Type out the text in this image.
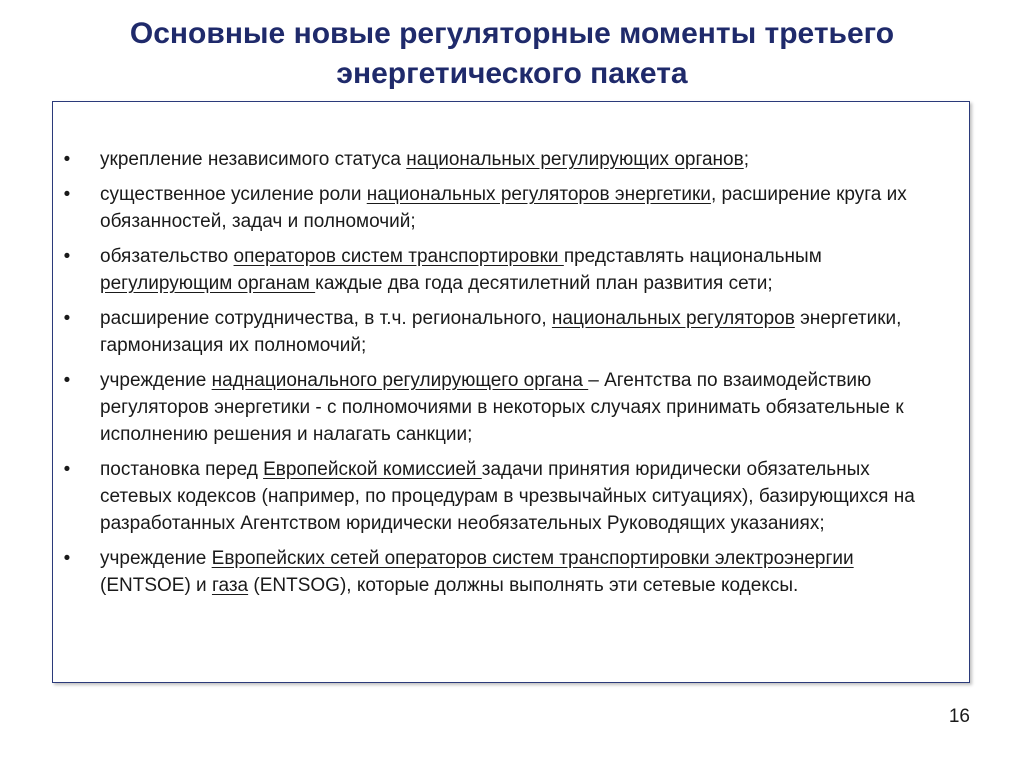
Основные новые регуляторные моменты третьего
энергетического пакета
• укрепление независимого статуса национальных регулирующих органов;
• существенное усиление роли национальных регуляторов энергетики, расширение круга их обязанностей, задач и полномочий;
• обязательство операторов систем транспортировки представлять национальным регулирующим органам каждые два года десятилетний план развития сети;
• расширение сотрудничества, в т.ч. регионального, национальных регуляторов энергетики, гармонизация их полномочий;
• учреждение наднационального регулирующего органа – Агентства по взаимодействию регуляторов энергетики - с полномочиями в некоторых случаях принимать обязательные к исполнению решения и налагать санкции;
• постановка перед Европейской комиссией задачи принятия юридически обязательных сетевых кодексов (например, по процедурам в чрезвычайных ситуациях), базирующихся на разработанных Агентством юридически необязательных Руководящих указаниях;
• учреждение Европейских сетей операторов систем транспортировки электроэнергии (ENTSOE) и газа (ENTSOG), которые должны выполнять эти сетевые кодексы.
16
